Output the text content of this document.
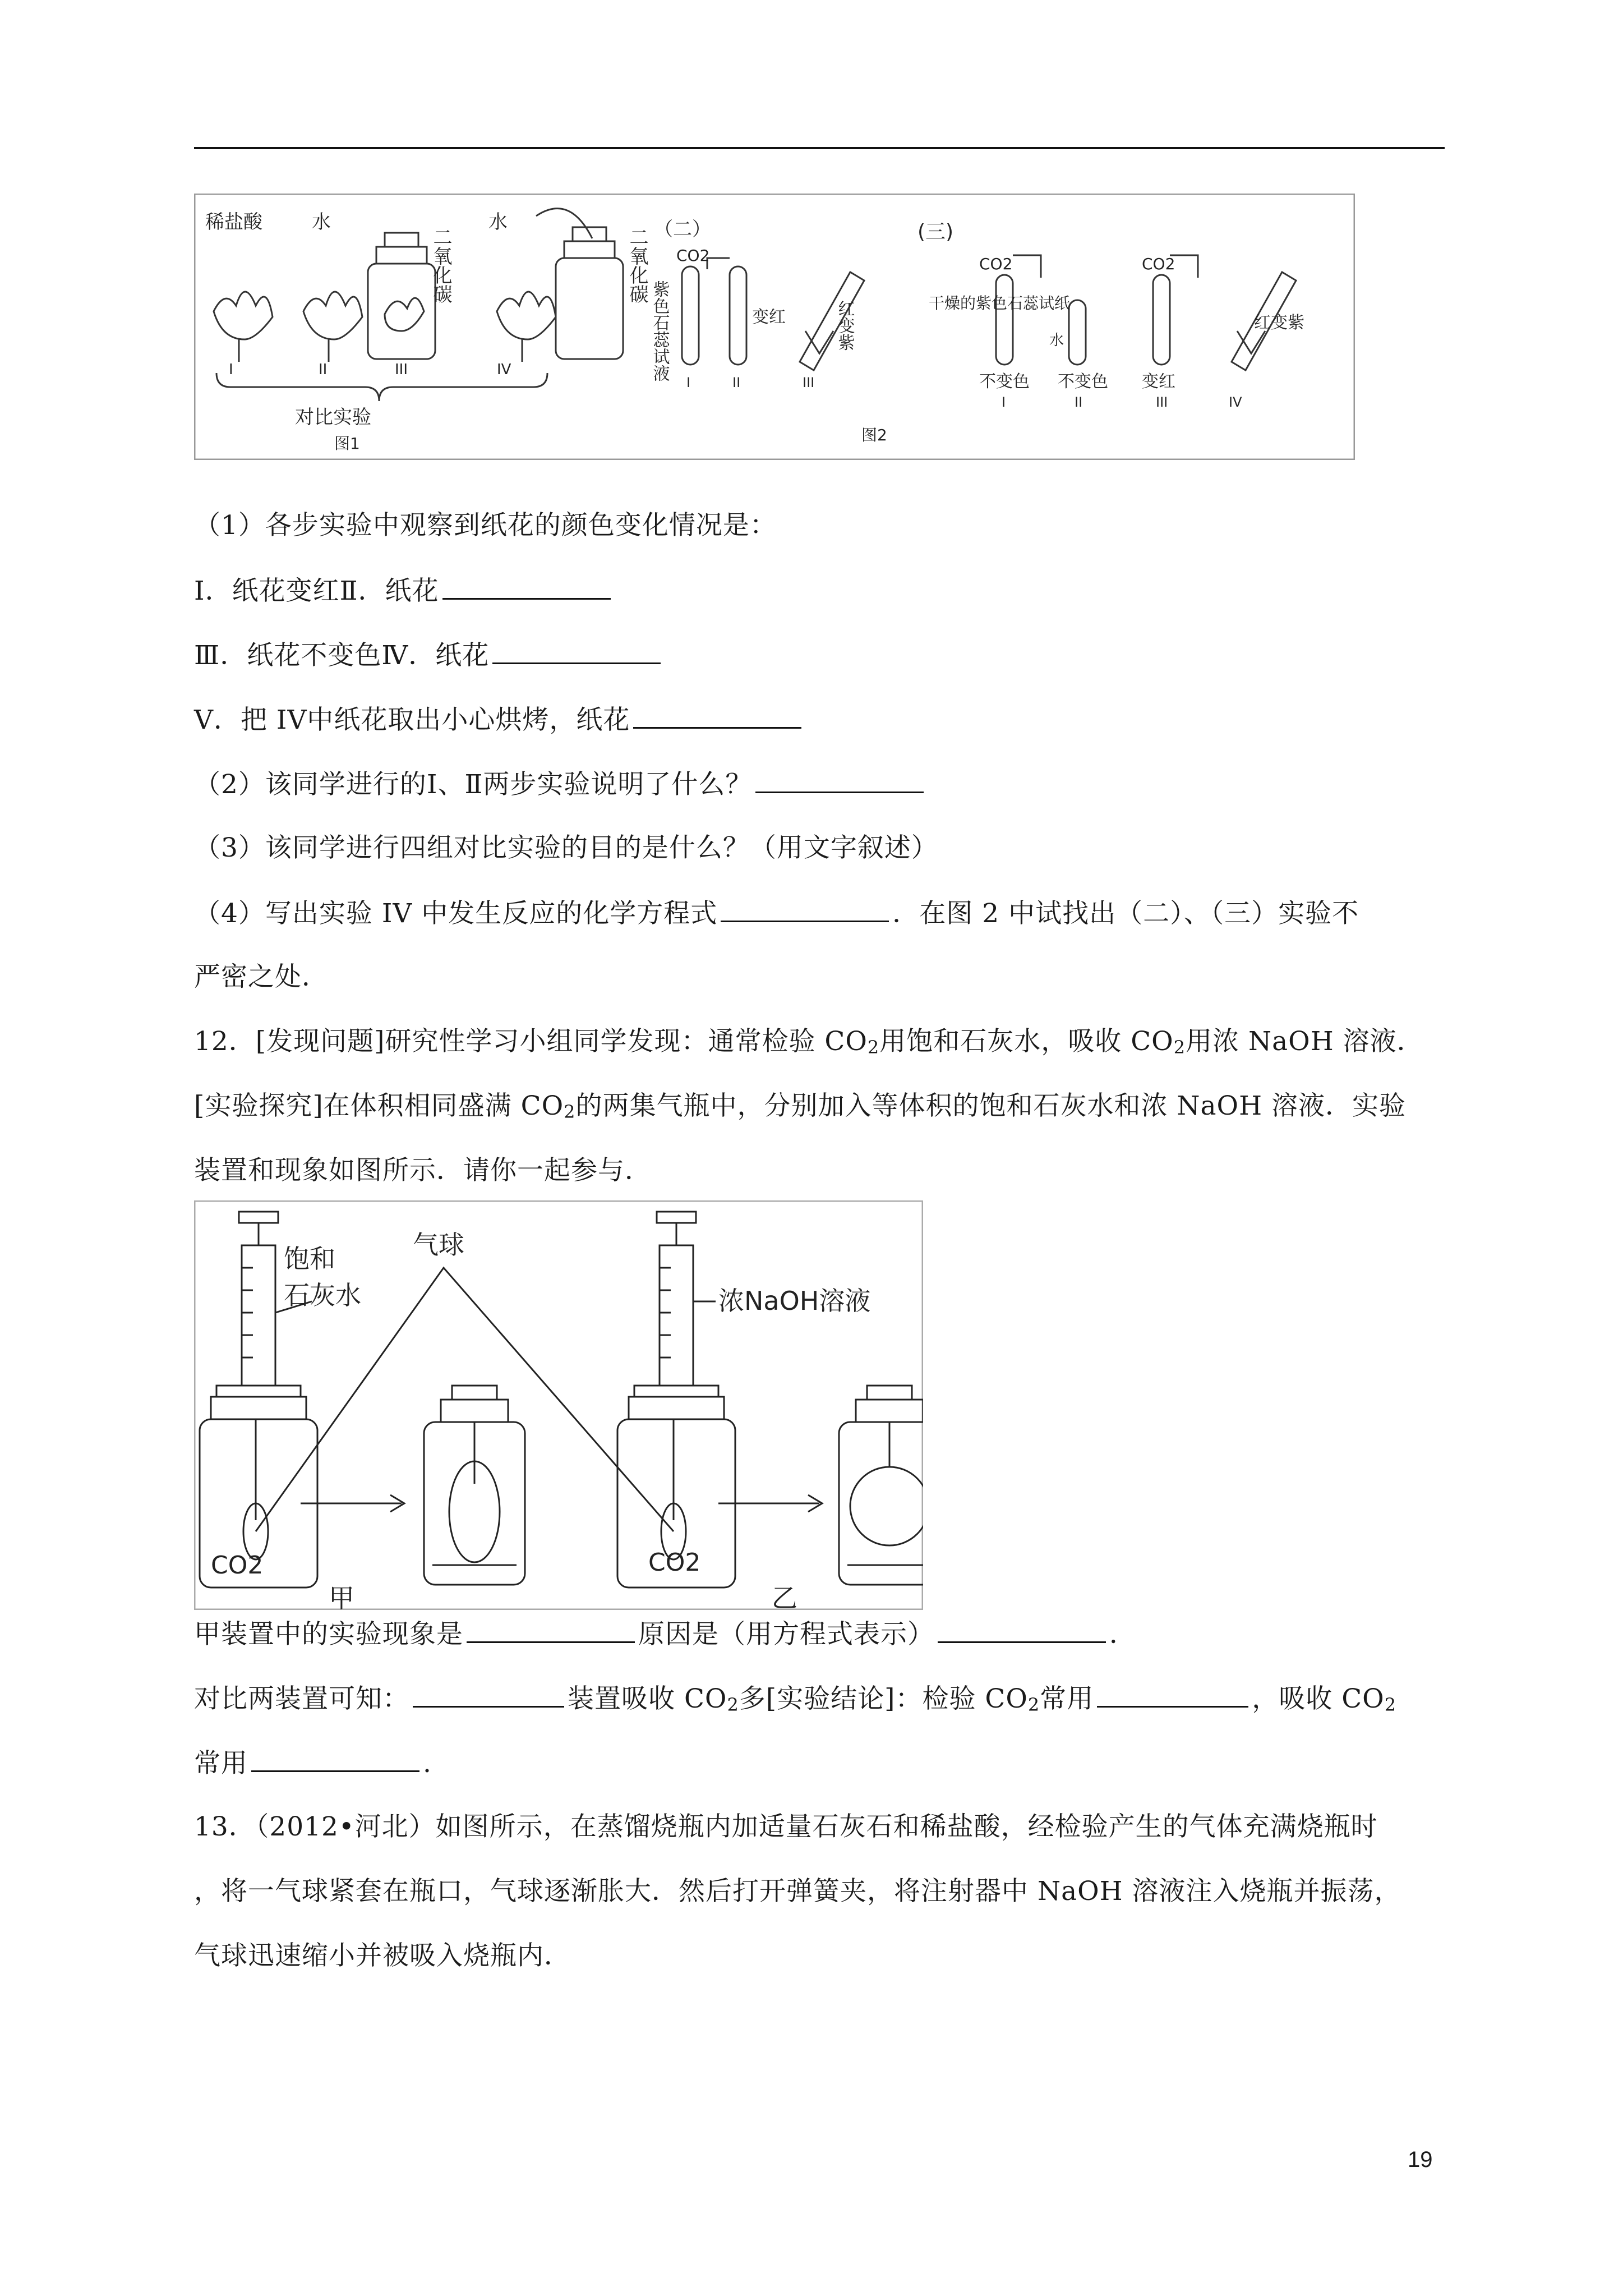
稀盐酸	水
二氧化碳
水
二氧化碳
I	II	III	IV
对比实验
图1
（二）
CO2
紫色石蕊试液	变红	红变紫
I	II	III
图2
(三)
CO2	CO2
干燥的紫色石蕊试纸
水
不变色 不变色 变红
红变紫
I	II	III	IV
（1）各步实验中观察到纸花的颜色变化情况是：
Ⅰ．纸花变红Ⅱ．纸花
Ⅲ．纸花不变色Ⅳ．纸花
Ⅴ．把 IV中纸花取出小心烘烤，纸花
（2）该同学进行的Ⅰ、Ⅱ两步实验说明了什么？
（3）该同学进行四组对比实验的目的是什么？（用文字叙述）
（4）写出实验 IV 中发生反应的化学方程式	．在图 2 中试找出（二）、（三）实验不
严密之处．
12．[发现问题]研究性学习小组同学发现：通常检验 $CO_2$用饱和石灰水，吸收 $CO_2$用浓 NaOH 溶液．
[实验探究]在体积相同盛满 $CO_2$的两集气瓶中，分别加入等体积的饱和石灰水和浓 NaOH 溶液．实验
装置和现象如图所示．请你一起参与．
饱和
石灰水
气球
浓NaOH溶液
CO2	CO2
甲	乙
甲装置中的实验现象是	原因是（用方程式表示）	．
对比两装置可知：	装置吸收 $CO_2$多[实验结论]：检验 $CO_2$常用	，吸收 $CO_2$
常用	.
13．（2012•河北）如图所示，在蒸馏烧瓶内加适量石灰石和稀盐酸，经检验产生的气体充满烧瓶时
，将一气球紧套在瓶口，气球逐渐胀大．然后打开弹簧夹，将注射器中 NaOH 溶液注入烧瓶并振荡，
气球迅速缩小并被吸入烧瓶内．
19
